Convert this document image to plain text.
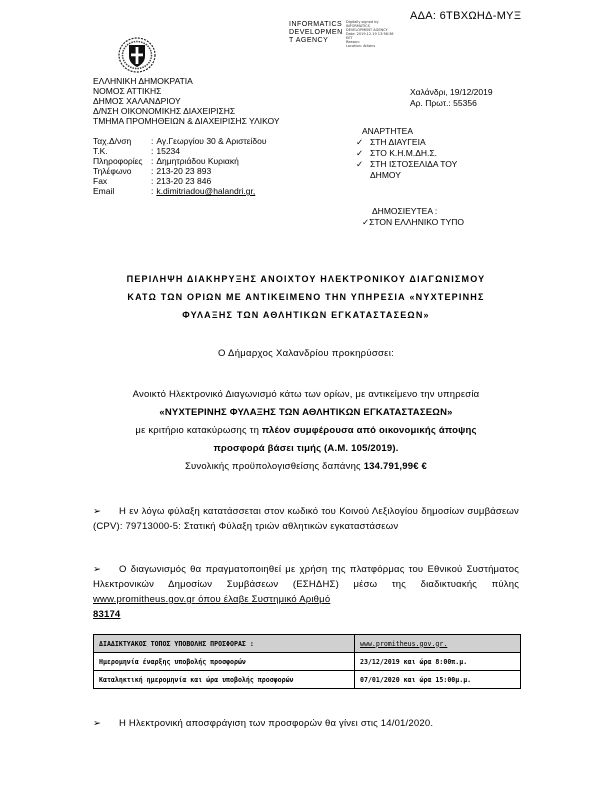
ΑΔΑ: 6ΤΒΧΩΗΔ-ΜΥΞ
INFORMATICS
DEVELOPMEN
T AGENCY
Digitally signed by
INFORMATICS
DEVELOPMENT AGENCY
Date: 2019.12.19 13:58:36
EET
Reason:
Location: Athens
ΕΛΛΗΝΙΚΗ ΔΗΜΟΚΡΑΤΙΑ
ΝΟΜΟΣ ΑΤΤΙΚΗΣ
ΔΗΜΟΣ ΧΑΛΑΝΔΡΙΟΥ
Δ/ΝΣΗ ΟΙΚΟΝΟΜΙΚΗΣ ΔΙΑΧΕΙΡΙΣΗΣ
ΤΜΗΜΑ ΠΡΟΜΗΘΕΙΩΝ & ΔΙΑΧΕΙΡΙΣΗΣ ΥΛΙΚΟΥ
Ταχ.Δ/νση	: Αγ.Γεωργίου 30 & Αριστείδου
Τ.Κ.	: 15234
Πληροφορίες : Δημητριάδου Κυριακή
Τηλέφωνο	: 213-20 23 893
Fax	: 213-20 23 846
Email	: k.dimitriadou@halandri.gr,
Χαλάνδρι, 19/12/2019
Αρ. Πρωτ.: 55356
ΑΝΑΡΤΗΤΕΑ
✓ ΣΤΗ ΔΙΑΥΓΕΙΑ
✓ ΣΤΟ Κ.Η.Μ.ΔΗ.Σ.
✓ ΣΤΗ ΙΣΤΟΣΕΛΙΔΑ ΤΟΥ
ΔΗΜΟΥ
ΔΗΜΟΣΙΕΥΤΕΑ :
✓ΣΤΟΝ ΕΛΛΗΝΙΚΟ ΤΥΠΟ
ΠΕΡΙΛΗΨΗ ΔΙΑΚΗΡΥΞΗΣ ΑΝΟΙΧΤΟΥ ΗΛΕΚΤΡΟΝΙΚΟΥ ΔΙΑΓΩΝΙΣΜΟΥ
ΚΑΤΩ ΤΩΝ ΟΡΙΩΝ ΜΕ ΑΝΤΙΚΕΙΜΕΝΟ ΤΗΝ ΥΠΗΡΕΣΙΑ «ΝΥΧΤΕΡΙΝΗΣ
ΦΥΛΑΞΗΣ ΤΩΝ ΑΘΛΗΤΙΚΩΝ ΕΓΚΑΤΑΣΤΑΣΕΩΝ»
Ο Δήμαρχος Χαλανδρίου προκηρύσσει:
Ανοικτό Ηλεκτρονικό Διαγωνισμό κάτω των ορίων, με αντικείμενο την υπηρεσία
«ΝΥΧΤΕΡΙΝΗΣ ΦΥΛΑΞΗΣ ΤΩΝ ΑΘΛΗΤΙΚΩΝ ΕΓΚΑΤΑΣΤΑΣΕΩΝ»
με κριτήριο κατακύρωσης τη πλέον συμφέρουσα από οικονομικής άποψης
προσφορά βάσει τιμής (Α.Μ. 105/2019).
Συνολικής προϋπολογισθείσης δαπάνης 134.791,99€ €
➢ Η εν λόγω φύλαξη κατατάσσεται στον κωδικό του Κοινού Λεξιλογίου δημοσίων συμβάσεων (CPV): 79713000-5: Στατική Φύλαξη τριών αθλητικών εγκαταστάσεων
➢ Ο διαγωνισμός θα πραγματοποιηθεί με χρήση της πλατφόρμας του Εθνικού Συστήματος Ηλεκτρονικών Δημοσίων Συμβάσεων (ΕΣΗΔΗΣ) μέσω της διαδικτυακής πύλης www.promitheus.gov.gr όπου έλαβε Συστημικό Αριθμό
83174
ΔΙΑΔΙΚΤΥΑΚΟΣ ΤΟΠΟΣ ΥΠΟΒΟΛΗΣ ΠΡΟΣΦΟΡΑΣ :	www.promitheus.gov.gr.
Ημερομηνία έναρξης υποβολής προσφορών	23/12/2019 και ώρα 8:00π.μ.
Καταληκτική ημερομηνία και ώρα υποβολής προσφορών	07/01/2020 και ώρα 15:00μ.μ.
➢ Η Ηλεκτρονική αποσφράγιση των προσφορών θα γίνει στις 14/01/2020.
